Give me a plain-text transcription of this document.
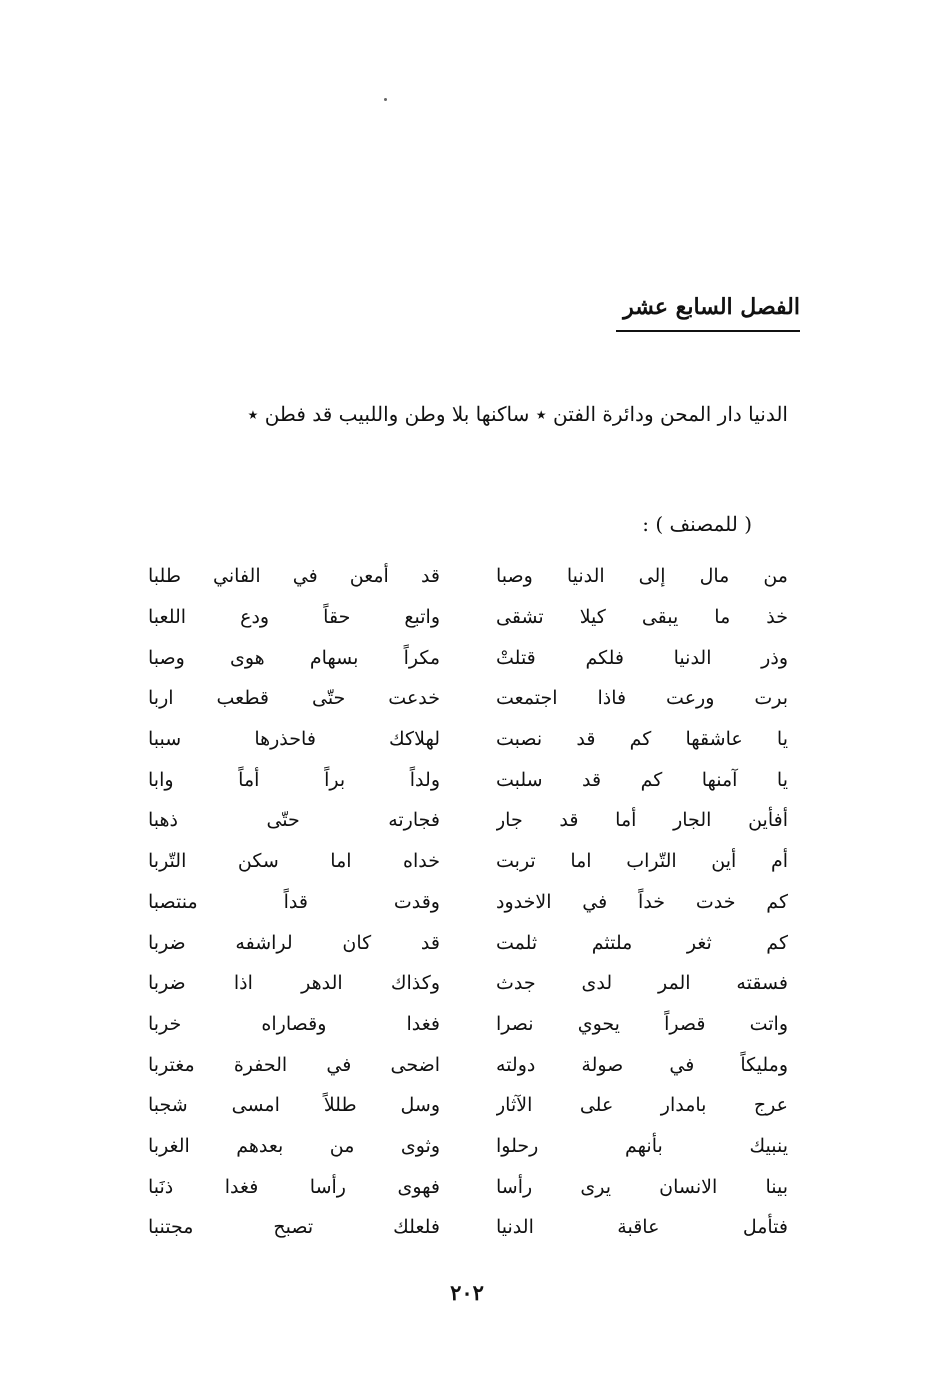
الفصل السابع عشر
الدنيا دار المحن ودائرة الفتن ٭ ساكنها بلا وطن واللبيب قد فطن ٭
( للمصنف ) :
من مال إلى الدنيا وصبا
قد أمعن في الفاني طلبا
خذ ما يبقى كيلا تشقى
واتبع حقاً ودع اللعبا
وذر الدنيا فلكم قتلتْ
مكراً بسهام هوى وصبا
برت ورعت فاذا اجتمعت
خدعت حتّى قطعب اربا
يا عاشقها كم قد نصبت
لهلاكك فاحذرها سببا
يا آمنها كم قد سلبت
ولداً براً أماً وابا
أفأين الجار أما قد جار
فجارته حتّى ذهبا
أم أين التّراب اما تربت
خداه اما سكن التّربا
كم خدت خداً في الاخدود
وقدت قداً منتصبا
كم ثغر ملتثم ثلمت
قد كان لراشفه ضربا
فسقته المر لدى جدث
وكذاك الدهر اذا ضربا
واتت قصراً يحوي نصرا
فغدا وقصاراه خربا
ومليكاً في صولة دولته
اضحى في الحفرة مغتربا
عرج بامدار على الآثار
وسل طللاً امسى شجبا
ينبيك بأنهم رحلوا
وثوى من بعدهم الغربا
بينا الانسان يرى رأسا
فهوى رأسا فغدا ذنَبا
فتأمل عاقبة الدنيا
فلعلك تصبح مجتنبا
٢٠٢
